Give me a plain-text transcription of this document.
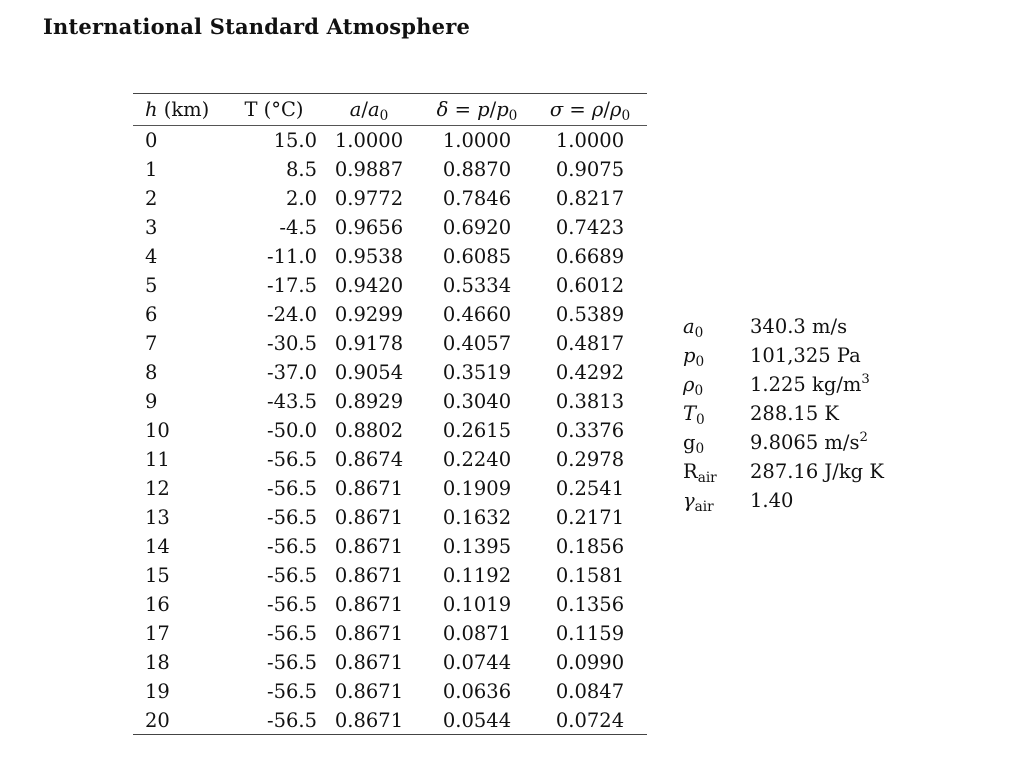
International Standard Atmosphere
h (km)	T (°C)	$a/a_0$	$\delta = p/p_0$	$\sigma = \rho/\rho_0$
0	15.0	1.0000	1.0000	1.0000
1	8.5	0.9887	0.8870	0.9075
2	2.0	0.9772	0.7846	0.8217
3	-4.5	0.9656	0.6920	0.7423
4	-11.0	0.9538	0.6085	0.6689
5	-17.5	0.9420	0.5334	0.6012
6	-24.0	0.9299	0.4660	0.5389
7	-30.5	0.9178	0.4057	0.4817
8	-37.0	0.9054	0.3519	0.4292
9	-43.5	0.8929	0.3040	0.3813
10	-50.0	0.8802	0.2615	0.3376
11	-56.5	0.8674	0.2240	0.2978
12	-56.5	0.8671	0.1909	0.2541
13	-56.5	0.8671	0.1632	0.2171
14	-56.5	0.8671	0.1395	0.1856
15	-56.5	0.8671	0.1192	0.1581
16	-56.5	0.8671	0.1019	0.1356
17	-56.5	0.8671	0.0871	0.1159
18	-56.5	0.8671	0.0744	0.0990
19	-56.5	0.8671	0.0636	0.0847
20	-56.5	0.8671	0.0544	0.0724
$a_0$	340.3 m/s
$p_0$	101,325 Pa
$\rho_0$	1.225 $kg/m^3$
$T_0$	288.15 K
$g_0$	9.8065 $m/s^2$
$R_{air}$	287.16 J/kg K
$\gamma_{air}$	1.40
